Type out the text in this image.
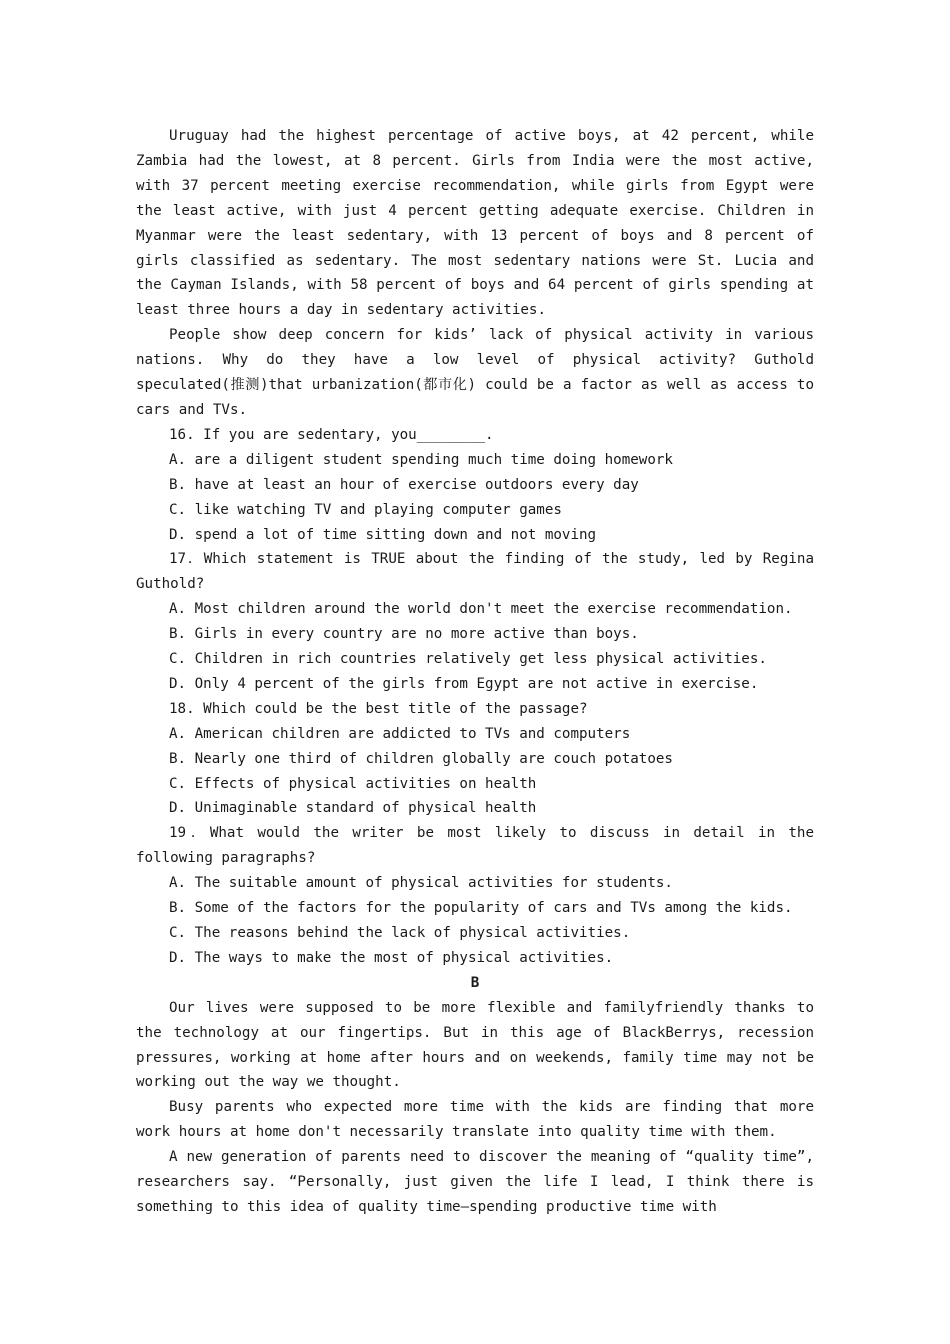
Uruguay had the highest percentage of active boys, at 42 percent, while Zambia had the lowest, at 8 percent. Girls from India were the most active, with 37 percent meeting exercise recommendation, while girls from Egypt were the least active, with just 4 percent getting adequate exercise. Children in Myanmar were the least sedentary, with 13 percent of boys and 8 percent of girls classified as sedentary. The most sedentary nations were St. Lucia and the Cayman Islands, with 58 percent of boys and 64 percent of girls spending at least three hours a day in sedentary activities.

People show deep concern for kids’ lack of physical activity in various nations. Why do they have a low level of physical activity? Guthold speculated(推测)that urbanization(都市化) could be a factor as well as access to cars and TVs.

16. If you are sedentary, you________.

A. are a diligent student spending much time doing homework

B. have at least an hour of exercise outdoors every day

C. like watching TV and playing computer games

D. spend a lot of time sitting down and not moving

17．Which statement is TRUE about the finding of the study, led by Regina Guthold?

A. Most children around the world don't meet the exercise recommendation.

B. Girls in every country are no more active than boys.

C. Children in rich countries relatively get less physical activities.

D. Only 4 percent of the girls from Egypt are not active in exercise.

18. Which could be the best title of the passage?

A. American children are addicted to TVs and computers

B. Nearly one third of children globally are couch potatoes

C. Effects of physical activities on health

D. Unimaginable standard of physical health

19．What would the writer be most likely to discuss in detail in the following paragraphs?

A. The suitable amount of physical activities for students.

B. Some of the factors for the popularity of cars and TVs among the kids.

C. The reasons behind the lack of physical activities.

D. The ways to make the most of physical activities.

B

Our lives were supposed to be more flexible and familyfriendly thanks to the technology at our fingertips. But in this age of BlackBerrys, recession pressures, working at home after hours and on weekends, family time may not be working out the way we thought.

Busy parents who expected more time with the kids are finding that more work hours at home don't necessarily translate into quality time with them.

A new generation of parents need to discover the meaning of “quality time”, researchers say. “Personally, just given the life I lead, I think there is something to this idea of quality time—spending productive time with
